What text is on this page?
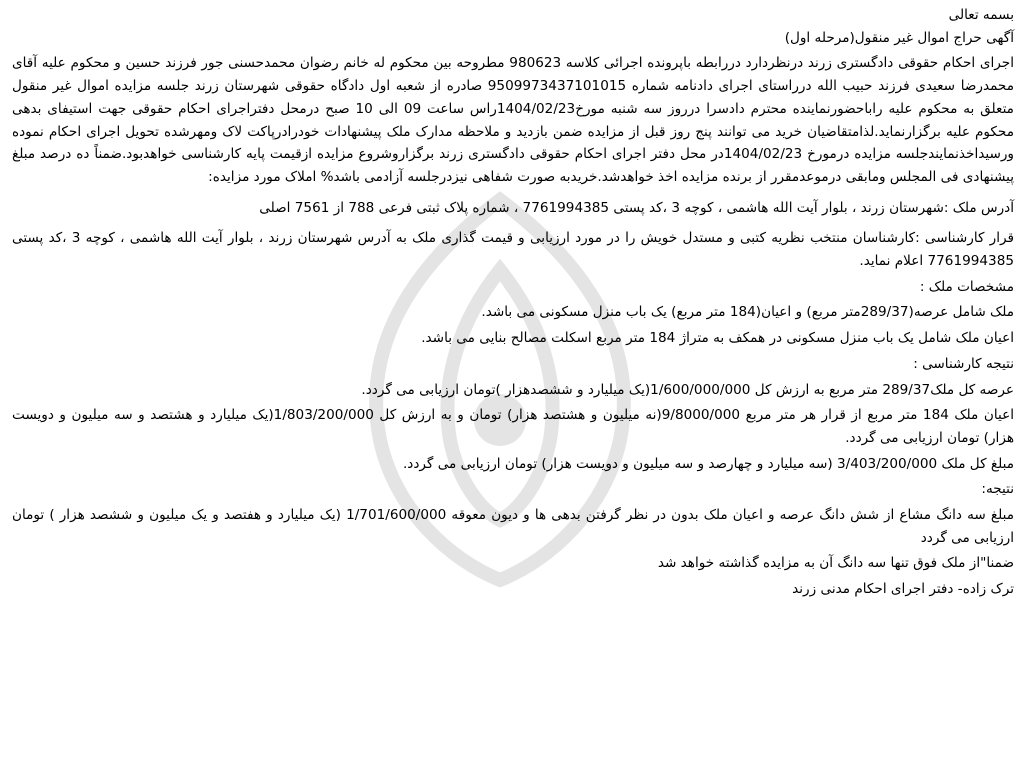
بسمه تعالی

آگهی حراج اموال غیر منقول(مرحله اول)

اجرای احکام حقوقی دادگستری زرند درنظردارد دررابطه باپرونده اجرائی کلاسه 980623 مطروحه بین محکوم له خانم رضوان محمدحسنی جور فرزند حسین و محکوم علیه آقای محمدرضا سعیدی فرزند حبیب الله درراستای اجرای دادنامه شماره 9509973437101015 صادره از شعبه اول دادگاه حقوقی شهرستان زرند جلسه مزایده اموال غیر منقول متعلق به محکوم علیه راباحضورنماینده محترم دادسرا درروز سه شنبه مورخ1404/02/23راس ساعت 09 الی 10 صبح درمحل دفتراجرای احکام حقوقی جهت استیفای بدهی محکوم علیه برگزارنماید.لذامتقاضیان خرید می توانند پنج روز قبل از مزایده ضمن بازدید و ملاحظه مدارک ملک پیشنهادات خودرادرپاکت لاک ومهرشده تحویل اجرای احکام نموده ورسیداخذنمایندجلسه مزایده درمورخ 1404/02/23در محل دفتر اجرای احکام حقوقی دادگستری زرند برگزاروشروع مزایده ازقیمت پایه کارشناسی خواهدبود.ضمناً ده درصد مبلغ پیشنهادی فی المجلس ومابقی درموعدمقرر از برنده مزایده اخذ خواهدشد.خریدبه صورت شفاهی نیزدرجلسه آزادمی باشد% املاک مورد مزایده:

آدرس ملک :شهرستان زرند ، بلوار آیت الله هاشمی ، کوچه 3 ،کد پستی 7761994385 ، شماره پلاک ثبتی فرعی 788 از 7561 اصلی

قرار کارشناسی :کارشناسان منتخب نظریه کتبی و مستدل خویش را در مورد ارزیابی و قیمت گذاری ملک به آدرس شهرستان زرند ، بلوار آیت الله هاشمی ، کوچه 3 ،کد پستی 7761994385 اعلام نماید.

مشخصات ملک :

ملک شامل عرصه(289/37متر مربع) و اعیان(184 متر مربع) یک باب منزل مسکونی می باشد.

اعیان ملک شامل یک باب منزل مسکونی در همکف به متراژ 184 متر مربع اسکلت مصالح بنایی می باشد.

نتیجه کارشناسی :

عرصه کل ملک289/37 متر مربع به ارزش کل 1/600/000/000(یک میلیارد و ششصدهزار )تومان ارزیابی می گردد.

اعیان ملک 184 متر مربع از قرار هر متر مربع 9/8000/000(نه میلیون و هشتصد هزار) تومان و به ارزش کل 1/803/200/000(یک میلیارد و هشتصد و سه میلیون و دویست هزار) تومان ارزیابی می گردد.

مبلغ کل ملک 3/403/200/000 (سه میلیارد و چهارصد و سه میلیون و دویست هزار) تومان ارزیابی می گردد.

نتیجه:

مبلغ سه دانگ مشاع از شش دانگ عرصه و اعیان ملک بدون در نظر گرفتن بدهی ها و دیون معوقه 1/701/600/000 (یک میلیارد و هفتصد و یک میلیون و ششصد هزار ) تومان ارزیابی می گردد

ضمنا"از ملک فوق تنها سه دانگ آن به مزایده گذاشته خواهد شد

ترک زاده- دفتر اجرای احکام مدنی زرند
